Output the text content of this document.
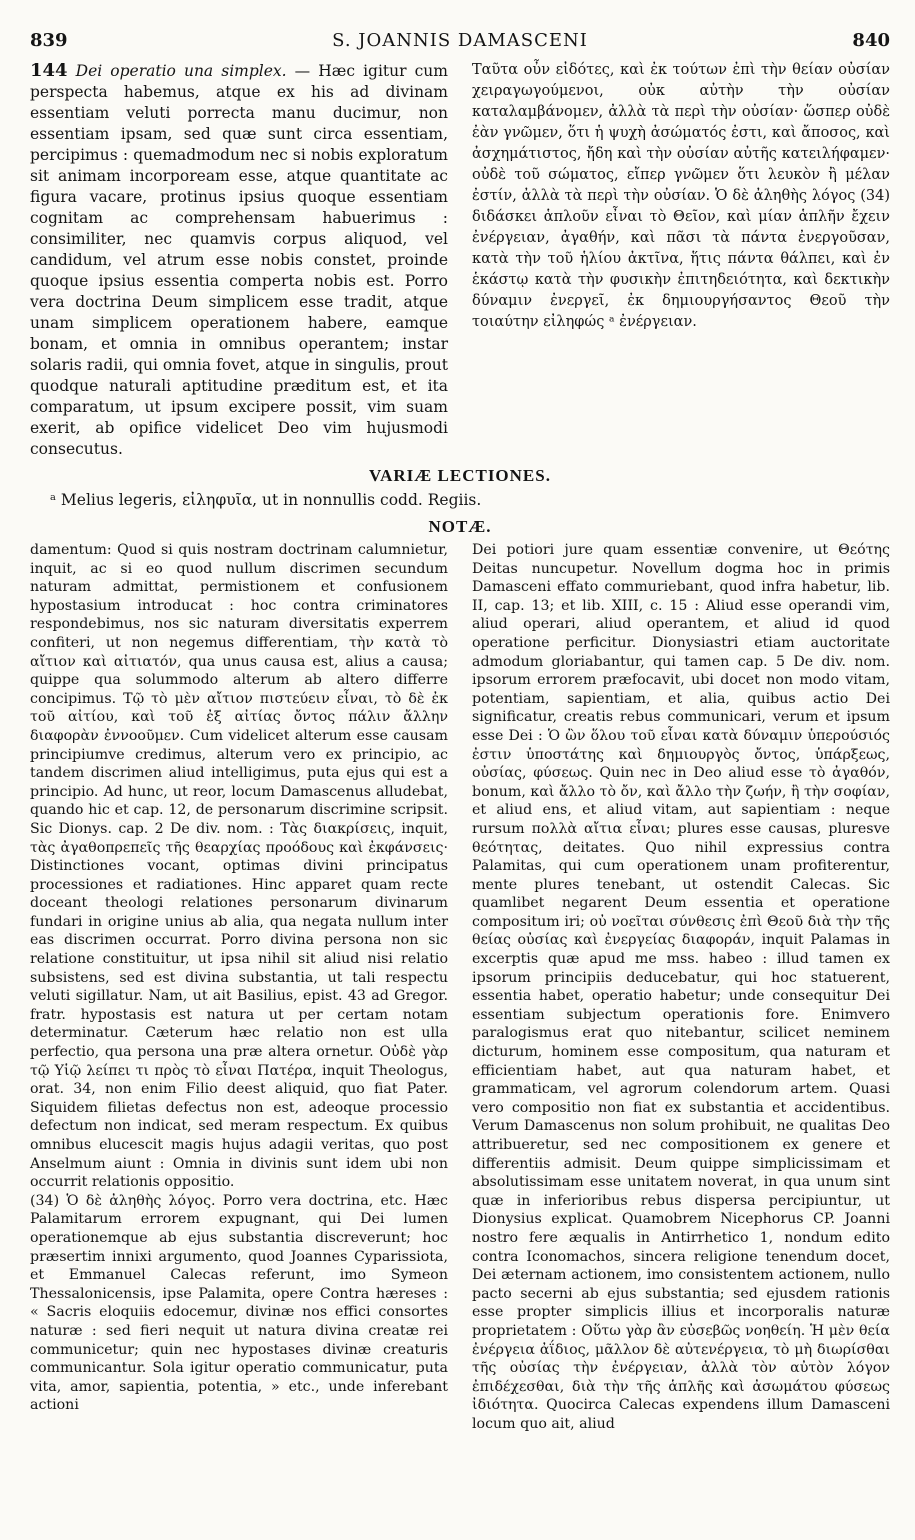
839	S. JOANNIS DAMASCENI	840
144 Dei operatio una simplex. — Hæc igitur cum perspecta habemus, atque ex his ad divinam essentiam veluti porrecta manu ducimur, non essentiam ipsam, sed quæ sunt circa essentiam, percipimus : quemadmodum nec si nobis exploratum sit animam incorpoream esse, atque quantitate ac figura vacare, protinus ipsius quoque essentiam cognitam ac comprehensam habuerimus : consimiliter, nec quamvis corpus aliquod, vel candidum, vel atrum esse nobis constet, proinde quoque ipsius essentia comperta nobis est. Porro vera doctrina Deum simplicem esse tradit, atque unam simplicem operationem habere, eamque bonam, et omnia in omnibus operantem; instar solaris radii, qui omnia fovet, atque in singulis, prout quodque naturali aptitudine præditum est, et ita comparatum, ut ipsum excipere possit, vim suam exerit, ab opifice videlicet Deo vim hujusmodi consecutus.
Ταῦτα οὖν εἰδότες, καὶ ἐκ τούτων ἐπὶ τὴν θείαν οὐσίαν χειραγωγούμενοι, οὐκ αὐτὴν τὴν οὐσίαν καταλαμβάνομεν, ἀλλὰ τὰ περὶ τὴν οὐσίαν· ὥσπερ οὐδὲ ἐὰν γνῶμεν, ὅτι ἡ ψυχὴ ἀσώματός ἐστι, καὶ ἄποσος, καὶ ἀσχημάτιστος, ἤδη καὶ τὴν οὐσίαν αὐτῆς κατειλήφαμεν· οὐδὲ τοῦ σώματος, εἴπερ γνῶμεν ὅτι λευκὸν ἢ μέλαν ἐστίν, ἀλλὰ τὰ περὶ τὴν οὐσίαν. Ὁ δὲ ἀληθὴς λόγος (34) διδάσκει ἁπλοῦν εἶναι τὸ Θεῖον, καὶ μίαν ἁπλῆν ἔχειν ἐνέργειαν, ἀγαθήν, καὶ πᾶσι τὰ πάντα ἐνεργοῦσαν, κατὰ τὴν τοῦ ἡλίου ἀκτῖνα, ἥτις πάντα θάλπει, καὶ ἐν ἑκάστῳ κατὰ τὴν φυσικὴν ἐπιτηδειότητα, καὶ δεκτικὴν δύναμιν ἐνεργεῖ, ἐκ δημιουργήσαντος Θεοῦ τὴν τοιαύτην εἰληφώς ᵃ ἐνέργειαν.
VARIÆ LECTIONES.
ᵃ Melius legeris, εἰληφυῖα, ut in nonnullis codd. Regiis.
NOTÆ.

damentum: Quod si quis nostram doctrinam calumnietur, inquit, ac si eo quod nullum discrimen secundum naturam admittat, permistionem et confusionem hypostasium introducat : hoc contra criminatores respondebimus, nos sic naturam diversitatis experrem confiteri, ut non negemus differentiam, τὴν κατὰ τὸ αἴτιον καὶ αἰτιατόν, qua unus causa est, alius a causa; quippe qua solummodo alterum ab altero differre concipimus. Τῷ τὸ μὲν αἴτιον πιστεύειν εἶναι, τὸ δὲ ἐκ τοῦ αἰτίου, καὶ τοῦ ἐξ αἰτίας ὄντος πάλιν ἄλλην διαφορὰν ἐννοοῦμεν. Cum videlicet alterum esse causam principiumve credimus, alterum vero ex principio, ac tandem discrimen aliud intelligimus, puta ejus qui est a principio. Ad hunc, ut reor, locum Damascenus alludebat, quando hic et cap. 12, de personarum discrimine scripsit. Sic Dionys. cap. 2 De div. nom. : Τὰς διακρίσεις, inquit, τὰς ἀγαθοπρεπεῖς τῆς θεαρχίας προόδους καὶ ἐκφάνσεις· Distinctiones vocant, optimas divini principatus processiones et radiationes. Hinc apparet quam recte doceant theologi relationes personarum divinarum fundari in origine unius ab alia, qua negata nullum inter eas discrimen occurrat. Porro divina persona non sic relatione constituitur, ut ipsa nihil sit aliud nisi relatio subsistens, sed est divina substantia, ut tali respectu veluti sigillatur. Nam, ut ait Basilius, epist. 43 ad Gregor. fratr. hypostasis est natura ut per certam notam determinatur. Cæterum hæc relatio non est ulla perfectio, qua persona una præ altera ornetur. Οὐδὲ γὰρ τῷ Υἱῷ λείπει τι πρὸς τὸ εἶναι Πατέρα, inquit Theologus, orat. 34, non enim Filio deest aliquid, quo fiat Pater. Siquidem filietas defectus non est, adeoque processio defectum non indicat, sed meram respectum. Ex quibus omnibus elucescit magis hujus adagii veritas, quo post Anselmum aiunt : Omnia in divinis sunt idem ubi non occurrit relationis oppositio.

(34) Ὁ δὲ ἀληθὴς λόγος. Porro vera doctrina, etc. Hæc Palamitarum errorem expugnant, qui Dei lumen operationemque ab ejus substantia discreverunt; hoc præsertim innixi argumento, quod Joannes Cyparissiota, et Emmanuel Calecas referunt, imo Symeon Thessalonicensis, ipse Palamita, opere Contra hæreses : « Sacris eloquiis edocemur, divinæ nos effici consortes naturæ : sed fieri nequit ut natura divina creatæ rei communicetur; quin nec hypostases divinæ creaturis communicantur. Sola igitur operatio communicatur, puta vita, amor, sapientia, potentia, » etc., unde inferebant actioni

Dei potiori jure quam essentiæ convenire, ut Θεότης Deitas nuncupetur. Novellum dogma hoc in primis Damasceni effato commuriebant, quod infra habetur, lib. II, cap. 13; et lib. XIII, c. 15 : Aliud esse operandi vim, aliud operari, aliud operantem, et aliud id quod operatione perficitur. Dionysiastri etiam auctoritate admodum gloriabantur, qui tamen cap. 5 De div. nom. ipsorum errorem præfocavit, ubi docet non modo vitam, potentiam, sapientiam, et alia, quibus actio Dei significatur, creatis rebus communicari, verum et ipsum esse Dei : Ὁ ὢν ὅλου τοῦ εἶναι κατὰ δύναμιν ὑπερούσιός ἐστιν ὑποστάτης καὶ δημιουργὸς ὄντος, ὑπάρξεως, οὐσίας, φύσεως. Quin nec in Deo aliud esse τὸ ἀγαθόν, bonum, καὶ ἄλλο τὸ ὄν, καὶ ἄλλο τὴν ζωήν, ἢ τὴν σοφίαν, et aliud ens, et aliud vitam, aut sapientiam : neque rursum πολλὰ αἴτια εἶναι; plures esse causas, pluresve θεότητας, deitates. Quo nihil expressius contra Palamitas, qui cum operationem unam profiterentur, mente plures tenebant, ut ostendit Calecas. Sic quamlibet negarent Deum essentia et operatione compositum iri; οὐ νοεῖται σύνθεσις ἐπὶ Θεοῦ διὰ τὴν τῆς θείας οὐσίας καὶ ἐνεργείας διαφοράν, inquit Palamas in excerptis quæ apud me mss. habeo : illud tamen ex ipsorum principiis deducebatur, qui hoc statuerent, essentia habet, operatio habetur; unde consequitur Dei essentiam subjectum operationis fore. Enimvero paralogismus erat quo nitebantur, scilicet neminem dicturum, hominem esse compositum, qua naturam et efficientiam habet, aut qua naturam habet, et grammaticam, vel agrorum colendorum artem. Quasi vero compositio non fiat ex substantia et accidentibus. Verum Damascenus non solum prohibuit, ne qualitas Deo attribueretur, sed nec compositionem ex genere et differentiis admisit. Deum quippe simplicissimam et absolutissimam esse unitatem noverat, in qua unum sint quæ in inferioribus rebus dispersa percipiuntur, ut Dionysius explicat. Quamobrem Nicephorus CP. Joanni nostro fere æqualis in Antirrhetico 1, nondum edito contra Iconomachos, sincera religione tenendum docet, Dei æternam actionem, imo consistentem actionem, nullo pacto secerni ab ejus substantia; sed ejusdem rationis esse propter simplicis illius et incorporalis naturæ proprietatem : Οὕτω γὰρ ἂν εὐσεβῶς νοηθείη. Ἡ μὲν θεία ἐνέργεια ἀΐδιος, μᾶλλον δὲ αὐτενέργεια, τὸ μὴ διωρίσθαι τῆς οὐσίας τὴν ἐνέργειαν, ἀλλὰ τὸν αὐτὸν λόγον ἐπιδέχεσθαι, διὰ τὴν τῆς ἁπλῆς καὶ ἀσωμάτου φύσεως ἰδιότητα. Quocirca Calecas expendens illum Damasceni locum quo ait, aliud
